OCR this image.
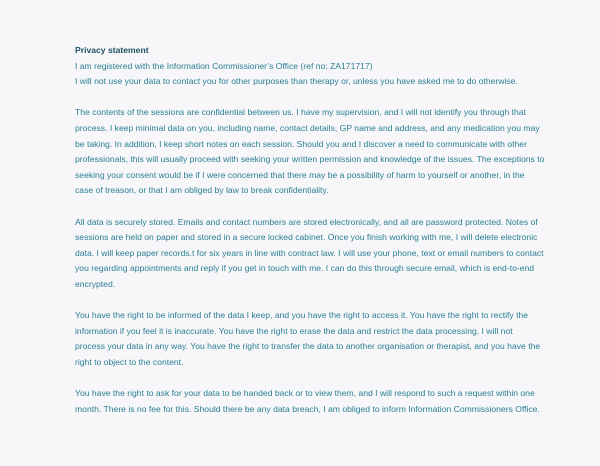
Privacy statement

I am registered with the Information Commissioner’s Office (ref no: ZA171717)

I will not use your data to contact you for other purposes than therapy or, unless you have asked me to do otherwise.

The contents of the sessions are confidential between us. I have my supervision, and I will not identify you through that process. I keep minimal data on you, including name, contact details, GP name and address, and any medication you may be taking. In addition, I keep short notes on each session. Should you and I discover a need to communicate with other professionals, this will usually proceed with seeking your written permission and knowledge of the issues. The exceptions to seeking your consent would be if I were concerned that there may be a possibility of harm to yourself or another, in the case of treason, or that I am obliged by law to break confidentiality.

All data is securely stored. Emails and contact numbers are stored electronically, and all are password protected. Notes of sessions are held on paper and stored in a secure locked cabinet. Once you finish working with me, I will delete electronic data. I will keep paper records.t for six years in line with contract law. I will use your phone, text or email numbers to contact you regarding appointments and reply if you get in touch with me. I can do this through secure email, which is end-to-end encrypted.

You have the right to be informed of the data I keep, and you have the right to access it. You have the right to rectify the information if you feel it is inaccurate. You have the right to erase the data and restrict the data processing. I will not process your data in any way. You have the right to transfer the data to another organisation or therapist, and you have the right to object to the content.

You have the right to ask for your data to be handed back or to view them, and I will respond to such a request within one month. There is no fee for this. Should there be any data breach, I am obliged to inform Information Commissioners Office.
